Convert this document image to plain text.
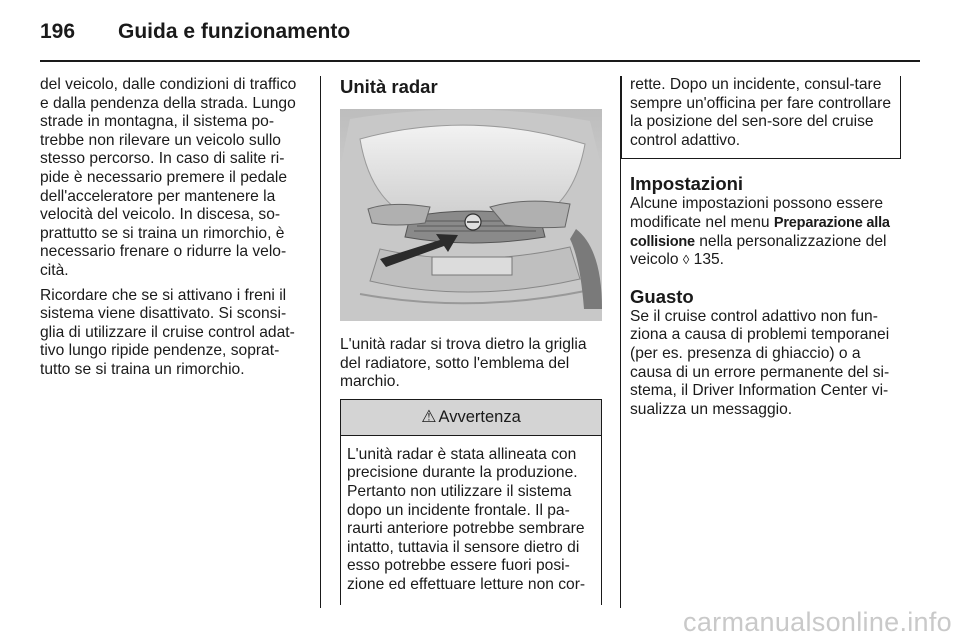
196	Guida e funzionamento

del veicolo, dalle condizioni di traffico e dalla pendenza della strada. Lungo strade in montagna, il sistema po-trebbe non rilevare un veicolo sullo stesso percorso. In caso di salite ri-pide è necessario premere il pedale dell'acceleratore per mantenere la velocità del veicolo. In discesa, so-prattutto se si traina un rimorchio, è necessario frenare o ridurre la velo-cità.

Ricordare che se si attivano i freni il sistema viene disattivato. Si sconsi-glia di utilizzare il cruise control adat-tivo lungo ripide pendenze, soprat-tutto se si traina un rimorchio.

Unità radar

L'unità radar si trova dietro la griglia del radiatore, sotto l'emblema del marchio.

⚠ Avvertenza
L'unità radar è stata allineata con precisione durante la produzione. Pertanto non utilizzare il sistema dopo un incidente frontale. Il pa-raurti anteriore potrebbe sembrare intatto, tuttavia il sensore dietro di esso potrebbe essere fuori posi-zione ed effettuare letture non cor-
rette. Dopo un incidente, consul-tare sempre un'officina per fare controllare la posizione del sen-sore del cruise control adattivo.
Impostazioni

Alcune impostazioni possono essere modificate nel menu Preparazione alla collisione nella personalizzazione del veicolo ◊ 135.

Guasto

Se il cruise control adattivo non fun-ziona a causa di problemi temporanei (per es. presenza di ghiaccio) o a causa di un errore permanente del si-stema, il Driver Information Center vi-sualizza un messaggio.

carmanualsonline.info
